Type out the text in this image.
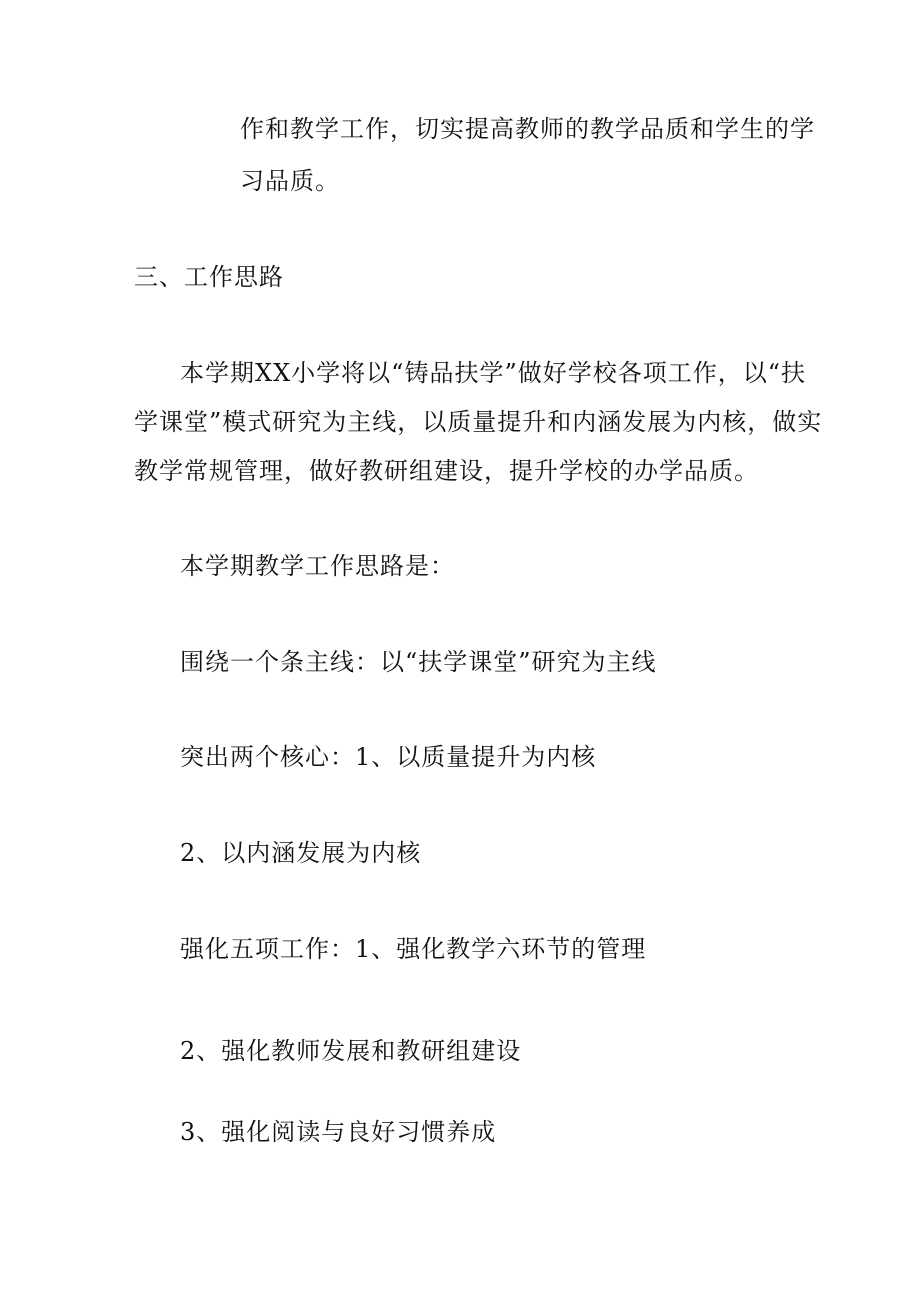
作和教学工作，切实提高教师的教学品质和学生的学
习品质。
三、工作思路
本学期XX小学将以“铸品扶学”做好学校各项工作，以“扶
学课堂”模式研究为主线，以质量提升和内涵发展为内核，做实
教学常规管理，做好教研组建设，提升学校的办学品质。
本学期教学工作思路是：
围绕一个条主线：以“扶学课堂”研究为主线
突出两个核心：1、以质量提升为内核
2、以内涵发展为内核
强化五项工作：1、强化教学六环节的管理
2、强化教师发展和教研组建设
3、强化阅读与良好习惯养成
